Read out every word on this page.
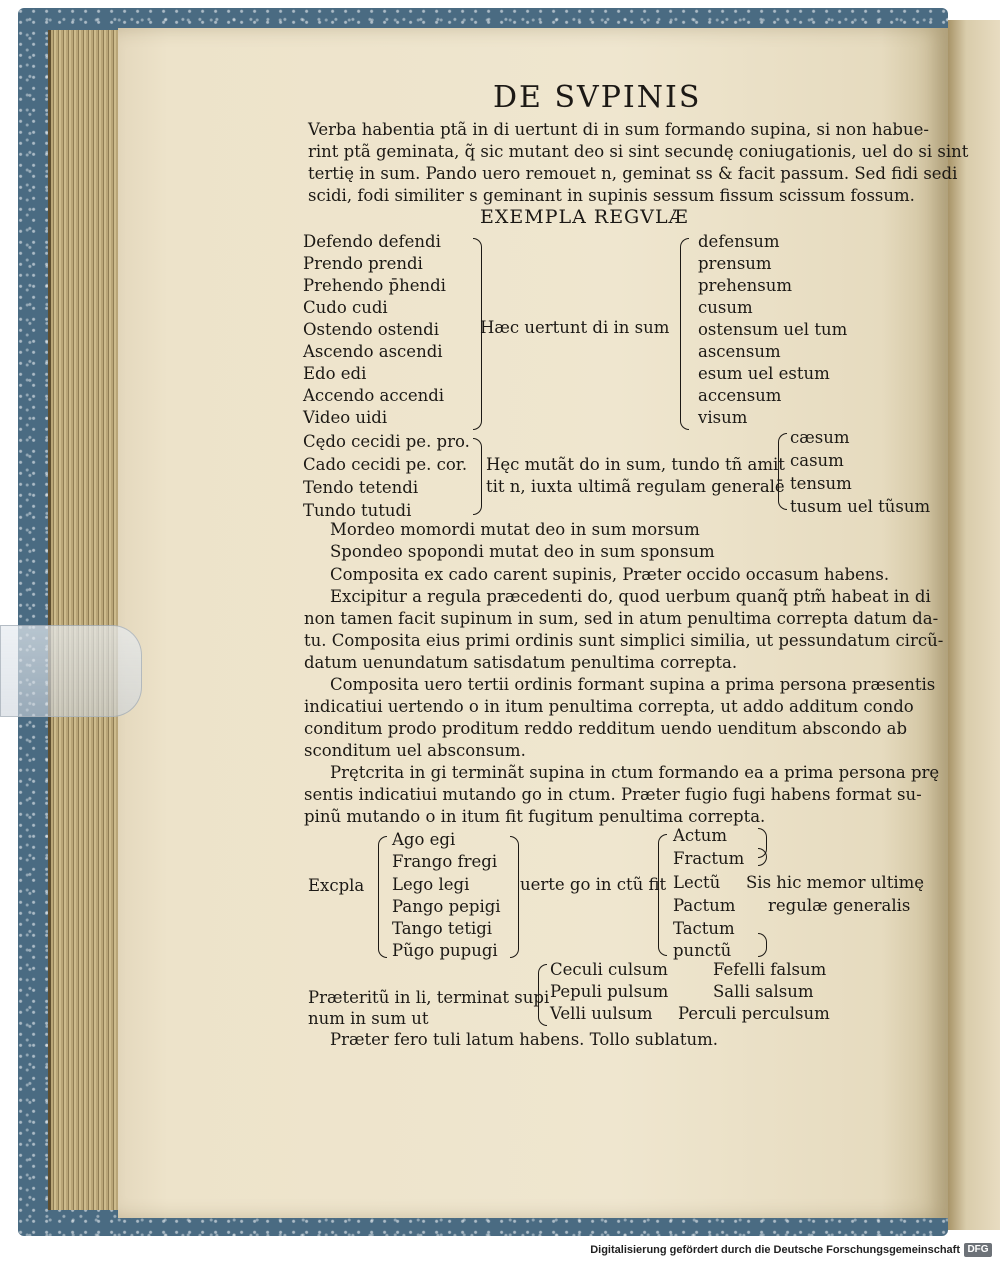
DE SVPINIS
Verba habentia ptã in di uertunt di in sum formando supina, si non habue-
rint ptã geminata, q̃ sic mutant deo si sint secundę coniugationis, uel do si sint
tertię in sum. Pando uero remouet n, geminat ss & facit passum. Sed fidi sedi
scidi, fodi similiter s geminant in supinis sessum fissum scissum fossum.
EXEMPLA REGVLÆ
Defendo defendi
Prendo prendi
Prehendo p̄hendi
Cudo cudi
Ostendo ostendi
Ascendo ascendi
Edo edi
Accendo accendi
Video uidi
Hæc uertunt di in sum
defensum
prensum
prehensum
cusum
ostensum uel tum
ascensum
esum uel estum
accensum
visum
Cędo cecidi pe. pro.
Cado cecidi pe. cor.
Tendo tetendi
Tundo tutudi
Hęc mutãt do in sum, tundo tñ amit
tit n, iuxta ultimã regulam generalē
cæsum
casum
tensum
tusum uel tũsum
Mordeo momordi mutat deo in sum morsum
Spondeo spopondi mutat deo in sum sponsum
Composita ex cado carent supinis, Præter occido occasum habens.
Excipitur a regula præcedenti do, quod uerbum quanq̃ ptm̃ habeat in di
non tamen facit supinum in sum, sed in atum penultima correpta datum da-
tu. Composita eius primi ordinis sunt simplici similia, ut pessundatum circũ-
datum uenundatum satisdatum penultima correpta.
Composita uero tertii ordinis formant supina a prima persona præsentis
indicatiui uertendo o in itum penultima correpta, ut addo additum condo
conditum prodo proditum reddo redditum uendo uenditum abscondo ab
sconditum uel absconsum.
Prętcrita in gi terminãt supina in ctum formando ea a prima persona prę
sentis indicatiui mutando go in ctum. Præter fugio fugi habens format su-
pinũ mutando o in itum fit fugitum penultima correpta.
Excpla
Ago egi
Frango fregi
Lego legi
Pango pepigi
Tango tetigi
Pũgo pupugi
uerte go in ctũ fit
Actum
Fractum
Lectũ
Pactum
Tactum
punctũ
Sis hic memor ultimę
regulæ generalis
Præteritũ in li, terminat supi
num in sum ut
Ceculi culsum
Pepuli pulsum
Velli uulsum
Fefelli falsum
Salli salsum
Perculi perculsum
Præter fero tuli latum habens. Tollo sublatum.
Digitalisierung gefördert durch die Deutsche Forschungsgemeinschaft DFG
